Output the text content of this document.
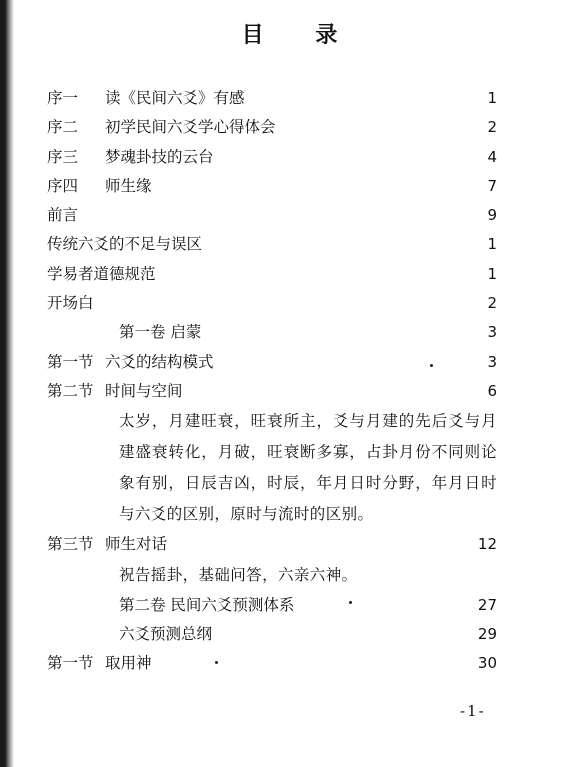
目 录
序一 读《民间六爻》有感	1
序二 初学民间六爻学心得体会	2
序三 梦魂卦技的云台	4
序四 师生缘	7
前言	9
传统六爻的不足与误区	1
学易者道德规范	1
开场白	2
第一卷 启蒙	3
第一节 六爻的结构模式	3
第二节 时间与空间	6
太岁，月建旺衰，旺衰所主，爻与月建的先后爻与月建盛衰转化，月破，旺衰断多寡，占卦月份不同则论象有别，日辰吉凶，时辰，年月日时分野，年月日时与六爻的区别，原时与流时的区别。
第三节 师生对话	12
祝告摇卦，基础问答，六亲六神。
第二卷 民间六爻预测体系	27
六爻预测总纲	29
第一节 取用神	30
-1-
